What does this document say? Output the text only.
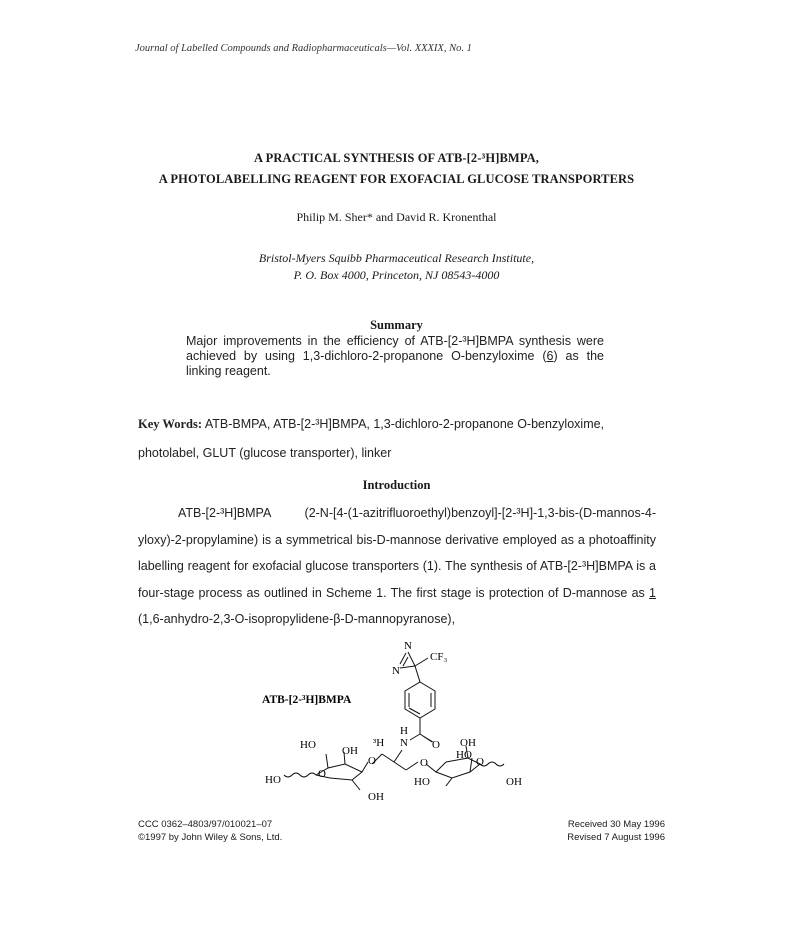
Journal of Labelled Compounds and Radiopharmaceuticals—Vol. XXXIX, No. 1
A PRACTICAL SYNTHESIS OF ATB-[2-³H]BMPA,
A PHOTOLABELLING REAGENT FOR EXOFACIAL GLUCOSE TRANSPORTERS
Philip M. Sher* and David R. Kronenthal
Bristol-Myers Squibb Pharmaceutical Research Institute,
P. O. Box 4000, Princeton, NJ 08543-4000
Summary
Major improvements in the efficiency of ATB-[2-³H]BMPA synthesis were achieved by using 1,3-dichloro-2-propanone O-benzyloxime (6) as the linking reagent.
Key Words: ATB-BMPA, ATB-[2-³H]BMPA, 1,3-dichloro-2-propanone O-benzyloxime, photolabel, GLUT (glucose transporter), linker
Introduction
ATB-[2-³H]BMPA (2-N-[4-(1-azitrifluoroethyl)benzoyl]-[2-³H]-1,3-bis-(D-mannos-4-yloxy)-2-propylamine) is a symmetrical bis-D-mannose derivative employed as a photoaffinity labelling reagent for exofacial glucose transporters (1). The synthesis of ATB-[2-³H]BMPA is a four-stage process as outlined in Scheme 1. The first stage is protection of D-mannose as 1 (1,6-anhydro-2,3-O-isopropylidene-β-D-mannopyranose),
ATB-[2-³H]BMPA
N
N
CF₃
H
³H N O
HO OH
O
O
HO
OH
O
OH
HO
O
HO	OH
CCC 0362–4803/97/010021–07
©1997 by John Wiley & Sons, Ltd.
Received 30 May 1996
Revised 7 August 1996
